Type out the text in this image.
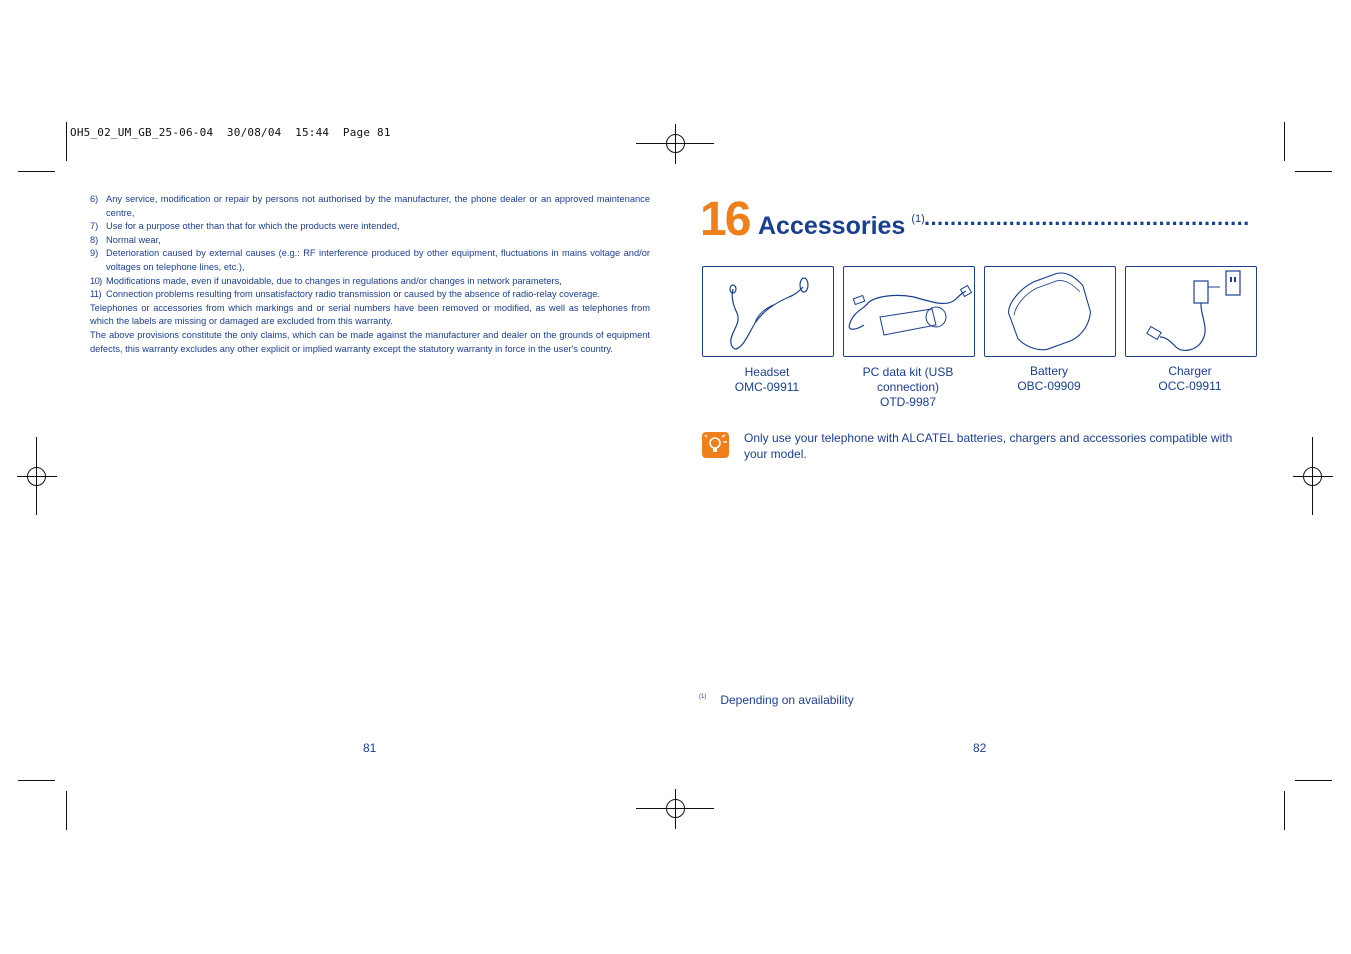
OH5_02_UM_GB_25-06-04  30/08/04  15:44  Page 81
6) Any service, modification or repair by persons not authorised by the manufacturer, the phone dealer or an approved maintenance centre,
7) Use for a purpose other than that for which the products were intended,
8) Normal wear,
9) Deterioration caused by external causes (e.g.: RF interference produced by other equipment, fluctuations in mains voltage and/or voltages on telephone lines, etc.),
10) Modifications made, even if unavoidable, due to changes in regulations and/or changes in network parameters,
11) Connection problems resulting from unsatisfactory radio transmission or caused by the absence of radio-relay coverage.

Telephones or accessories from which markings and or serial numbers have been removed or modified, as well as telephones from which the labels are missing or damaged are excluded from this warranty.

The above provisions constitute the only claims, which can be made against the manufacturer and dealer on the grounds of equipment defects, this warranty excludes any other explicit or implied warranty except the statutory warranty in force in the user's country.

81
16 Accessories $^{(1)}$ ..................................................
Headset
OMC-09911
PC data kit (USB
connection)
OTD-9987
Battery
OBC-09909
Charger
OCC-09911
Only use your telephone with ALCATEL batteries, chargers and accessories compatible with your model.
$^{(1)}$ Depending on availability
82
